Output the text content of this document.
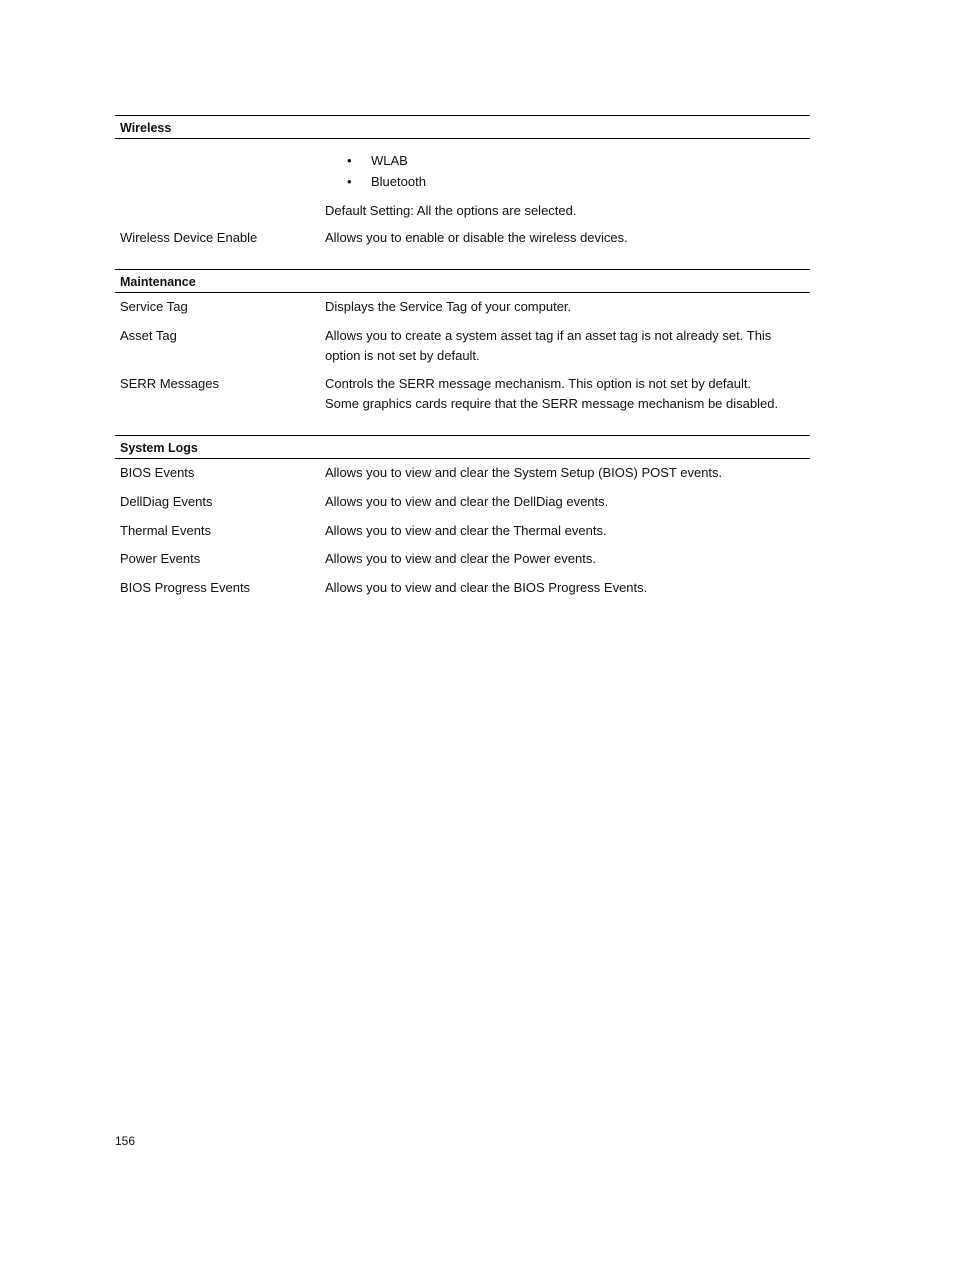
Wireless
• WLAB
• Bluetooth
Default Setting: All the options are selected.
Wireless Device Enable	Allows you to enable or disable the wireless devices.
Maintenance
Service Tag	Displays the Service Tag of your computer.
Asset Tag	Allows you to create a system asset tag if an asset tag is not already set. This option is not set by default.
SERR Messages	Controls the SERR message mechanism. This option is not set by default. Some graphics cards require that the SERR message mechanism be disabled.
System Logs
BIOS Events	Allows you to view and clear the System Setup (BIOS) POST events.
DellDiag Events	Allows you to view and clear the DellDiag events.
Thermal Events	Allows you to view and clear the Thermal events.
Power Events	Allows you to view and clear the Power events.
BIOS Progress Events	Allows you to view and clear the BIOS Progress Events.
156
